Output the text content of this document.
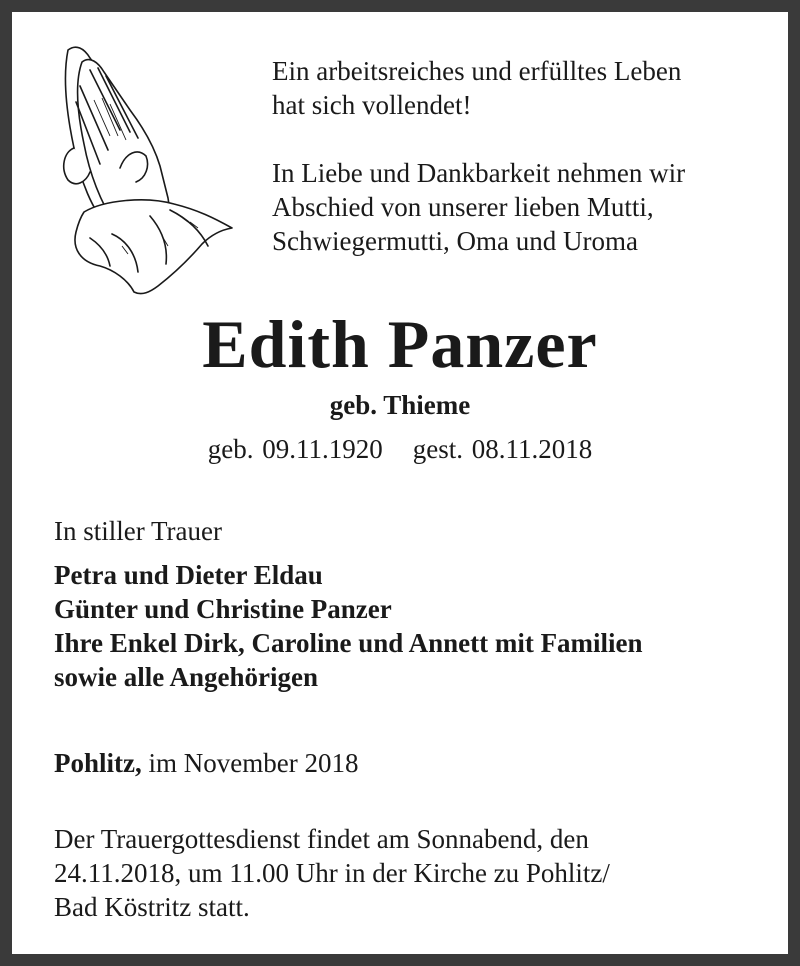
Ein arbeitsreiches und erfülltes Leben

hat sich vollendet!

In Liebe und Dankbarkeit nehmen wir

Abschied von unserer lieben Mutti,

Schwiegermutti, Oma und Uroma

Edith Panzer
geb. Thieme
geb. 09.11.1920 gest. 08.11.2018
In stiller Trauer
Petra und Dieter Eldau
Günter und Christine Panzer
Ihre Enkel Dirk, Caroline und Annett mit Familien
sowie alle Angehörigen
Pohlitz, im November 2018
Der Trauergottesdienst findet am Sonnabend, den
24.11.2018, um 11.00 Uhr in der Kirche zu Pohlitz/
Bad Köstritz statt.
